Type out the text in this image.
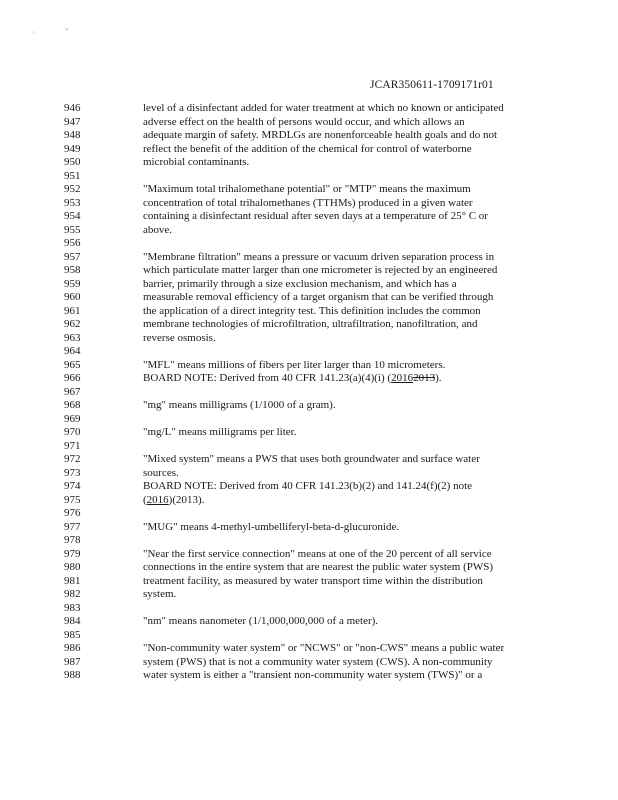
'	"
JCAR350611-1709171r01
946	level of a disinfectant added for water treatment at which no known or anticipated
947	adverse effect on the health of persons would occur, and which allows an
948	adequate margin of safety. MRDLGs are nonenforceable health goals and do not
949	reflect the benefit of the addition of the chemical for control of waterborne
950	microbial contaminants.
951
952	"Maximum total trihalomethane potential" or "MTP" means the maximum
953	concentration of total trihalomethanes (TTHMs) produced in a given water
954	containing a disinfectant residual after seven days at a temperature of 25° C or
955	above.
956
957	"Membrane filtration" means a pressure or vacuum driven separation process in
958	which particulate matter larger than one micrometer is rejected by an engineered
959	barrier, primarily through a size exclusion mechanism, and which has a
960	measurable removal efficiency of a target organism that can be verified through
961	the application of a direct integrity test. This definition includes the common
962	membrane technologies of microfiltration, ultrafiltration, nanofiltration, and
963	reverse osmosis.
964
965	"MFL" means millions of fibers per liter larger than 10 micrometers.
966	BOARD NOTE: Derived from 40 CFR 141.23(a)(4)(i) (20162013).
967
968	"mg" means milligrams (1/1000 of a gram).
969
970	"mg/L" means milligrams per liter.
971
972	"Mixed system" means a PWS that uses both groundwater and surface water
973	sources.
974	BOARD NOTE: Derived from 40 CFR 141.23(b)(2) and 141.24(f)(2) note
975	(2016)(2013).
976
977	"MUG" means 4-methyl-umbelliferyl-beta-d-glucuronide.
978
979	"Near the first service connection" means at one of the 20 percent of all service
980	connections in the entire system that are nearest the public water system (PWS)
981	treatment facility, as measured by water transport time within the distribution
982	system.
983
984	"nm" means nanometer (1/1,000,000,000 of a meter).
985
986	"Non-community water system" or "NCWS" or "non-CWS" means a public water
987	system (PWS) that is not a community water system (CWS). A non-community
988	water system is either a "transient non-community water system (TWS)" or a
